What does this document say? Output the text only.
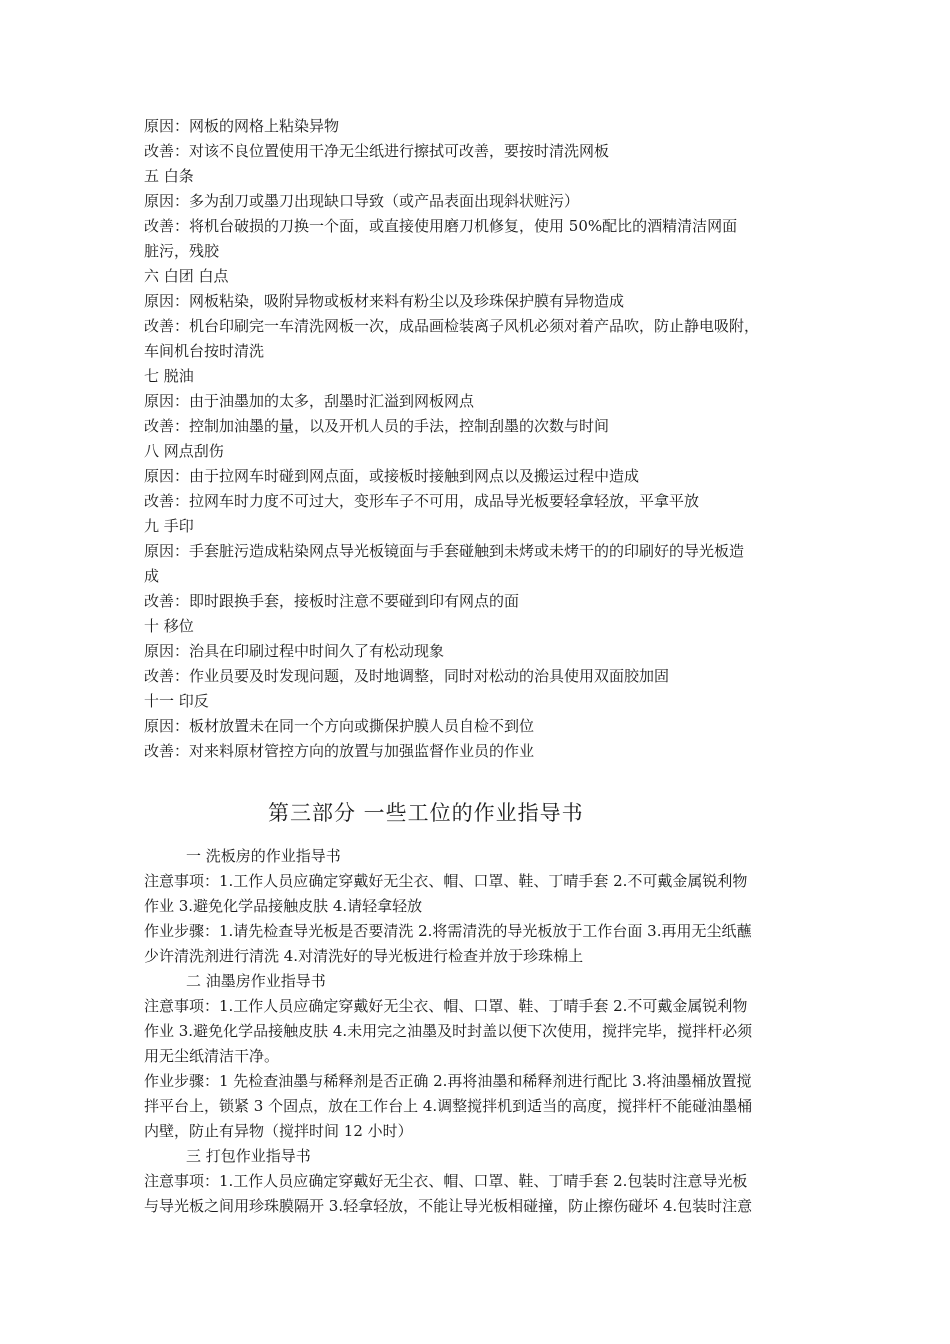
原因：网板的网格上粘染异物
改善：对该不良位置使用干净无尘纸进行擦拭可改善，要按时清洗网板
五 白条
原因：多为刮刀或墨刀出现缺口导致（或产品表面出现斜状赃污）
改善：将机台破损的刀换一个面，或直接使用磨刀机修复，使用 50%配比的酒精清洁网面
脏污，残胶
六 白团 白点
原因：网板粘染，吸附异物或板材来料有粉尘以及珍珠保护膜有异物造成
改善：机台印刷完一车清洗网板一次，成品画检装离子风机必须对着产品吹，防止静电吸附，
车间机台按时清洗
七 脱油
原因：由于油墨加的太多，刮墨时汇溢到网板网点
改善：控制加油墨的量，以及开机人员的手法，控制刮墨的次数与时间
八 网点刮伤
原因：由于拉网车时碰到网点面，或接板时接触到网点以及搬运过程中造成
改善：拉网车时力度不可过大，变形车子不可用，成品导光板要轻拿轻放，平拿平放
九 手印
原因：手套脏污造成粘染网点导光板镜面与手套碰触到未烤或未烤干的的印刷好的导光板造
成
改善：即时跟换手套，接板时注意不要碰到印有网点的面
十 移位
原因：治具在印刷过程中时间久了有松动现象
改善：作业员要及时发现问题，及时地调整，同时对松动的治具使用双面胶加固
十一 印反
原因：板材放置未在同一个方向或撕保护膜人员自检不到位
改善：对来料原材管控方向的放置与加强监督作业员的作业
第三部分 一些工位的作业指导书
一 洗板房的作业指导书
注意事项：1.工作人员应确定穿戴好无尘衣、帽、口罩、鞋、丁晴手套 2.不可戴金属锐利物
作业 3.避免化学品接触皮肤 4.请轻拿轻放
作业步骤：1.请先检查导光板是否要清洗 2.将需清洗的导光板放于工作台面 3.再用无尘纸蘸
少许清洗剂进行清洗 4.对清洗好的导光板进行检查并放于珍珠棉上
二 油墨房作业指导书
注意事项：1.工作人员应确定穿戴好无尘衣、帽、口罩、鞋、丁晴手套 2.不可戴金属锐利物
作业 3.避免化学品接触皮肤 4.未用完之油墨及时封盖以便下次使用，搅拌完毕，搅拌杆必须
用无尘纸清洁干净。
作业步骤：1 先检查油墨与稀释剂是否正确 2.再将油墨和稀释剂进行配比 3.将油墨桶放置搅
拌平台上，锁紧 3 个固点，放在工作台上 4.调整搅拌机到适当的高度，搅拌杆不能碰油墨桶
内壁，防止有异物（搅拌时间 12 小时）
三 打包作业指导书
注意事项：1.工作人员应确定穿戴好无尘衣、帽、口罩、鞋、丁晴手套 2.包装时注意导光板
与导光板之间用珍珠膜隔开 3.轻拿轻放，不能让导光板相碰撞，防止擦伤碰坏 4.包装时注意
